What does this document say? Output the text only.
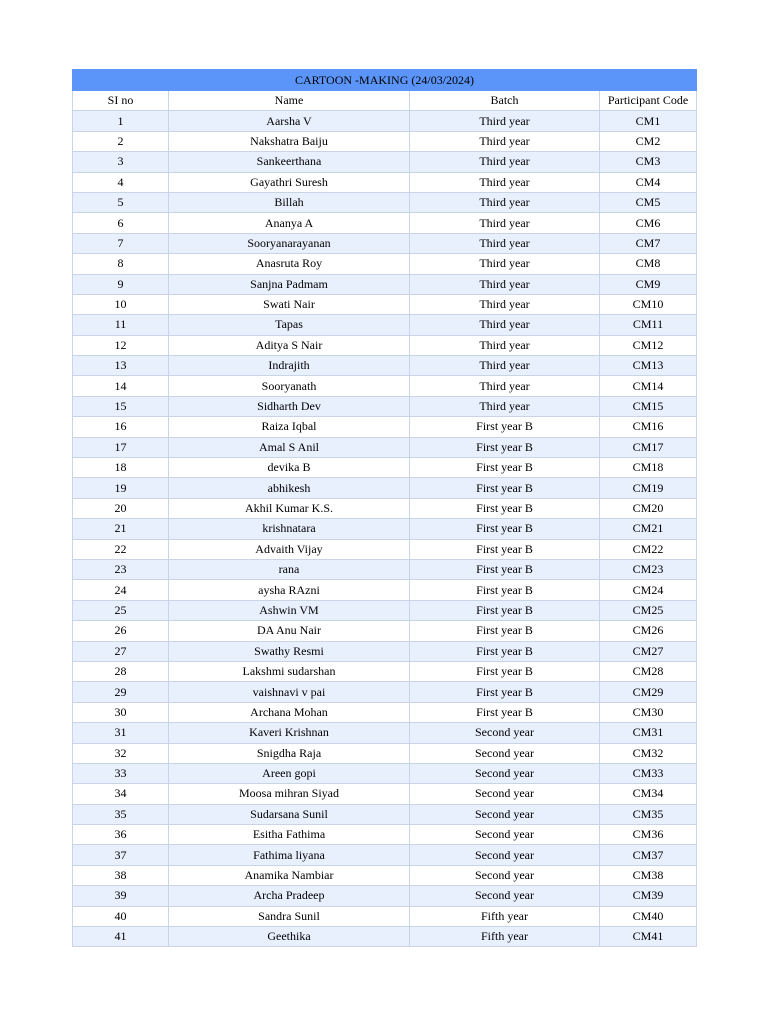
CARTOON -MAKING (24/03/2024)			
SI no	Name	Batch	Participant Code
1	Aarsha V	Third year	CM1
2	Nakshatra Baiju	Third year	CM2
3	Sankeerthana	Third year	CM3
4	Gayathri Suresh	Third year	CM4
5	Billah	Third year	CM5
6	Ananya A	Third year	CM6
7	Sooryanarayanan	Third year	CM7
8	Anasruta Roy	Third year	CM8
9	Sanjna Padmam	Third year	CM9
10	Swati Nair	Third year	CM10
11	Tapas	Third year	CM11
12	Aditya S Nair	Third year	CM12
13	Indrajith	Third year	CM13
14	Sooryanath	Third year	CM14
15	Sidharth Dev	Third year	CM15
16	Raiza Iqbal	First year B	CM16
17	Amal S Anil	First year B	CM17
18	devika B	First year B	CM18
19	abhikesh	First year B	CM19
20	Akhil Kumar K.S.	First year B	CM20
21	krishnatara	First year B	CM21
22	Advaith Vijay	First year B	CM22
23	rana	First year B	CM23
24	aysha RAzni	First year B	CM24
25	Ashwin VM	First year B	CM25
26	DA Anu Nair	First year B	CM26
27	Swathy Resmi	First year B	CM27
28	Lakshmi sudarshan	First year B	CM28
29	vaishnavi v pai	First year B	CM29
30	Archana Mohan	First year B	CM30
31	Kaveri Krishnan	Second year	CM31
32	Snigdha Raja	Second year	CM32
33	Areen gopi	Second year	CM33
34	Moosa mihran Siyad	Second year	CM34
35	Sudarsana Sunil	Second year	CM35
36	Esitha Fathima	Second year	CM36
37	Fathima liyana	Second year	CM37
38	Anamika Nambiar	Second year	CM38
39	Archa Pradeep	Second year	CM39
40	Sandra Sunil	Fifth year	CM40
41	Geethika	Fifth year	CM41
